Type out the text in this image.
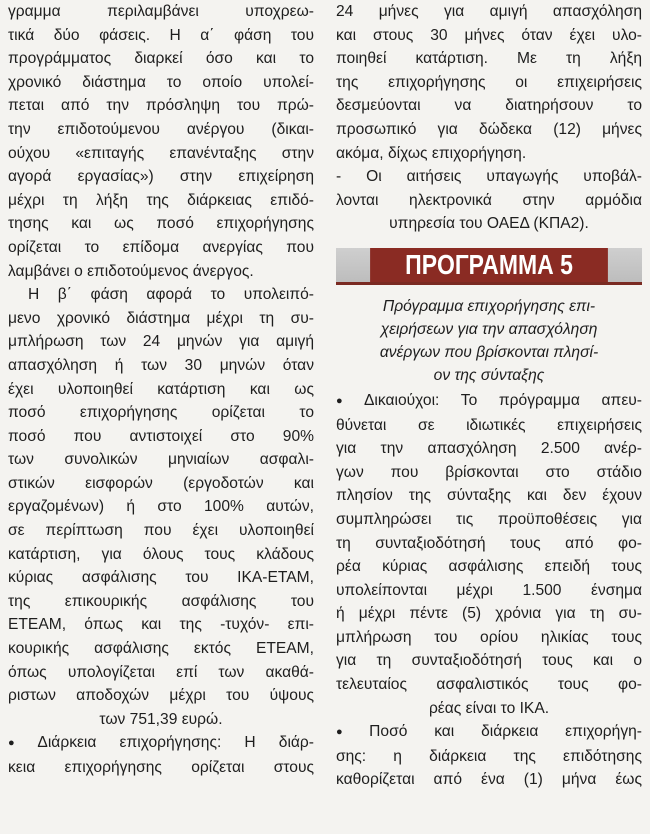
γραμμα περιλαμβάνει υποχρεω-
τικά δύο φάσεις. Η α΄ φάση του
προγράμματος διαρκεί όσο και το
χρονικό διάστημα το οποίο υπολεί-
πεται από την πρόσληψη του πρώ-
την επιδοτούμενου ανέργου (δικαι-
ούχου «επιταγής επανένταξης στην
αγορά εργασίας») στην επιχείρηση
μέχρι τη λήξη της διάρκειας επιδό-
τησης και ως ποσό επιχορήγησης
ορίζεται το επίδομα ανεργίας που
λαμβάνει ο επιδοτούμενος άνεργος.
Η β΄ φάση αφορά το υπολειπό-
μενο χρονικό διάστημα μέχρι τη συ-
μπλήρωση των 24 μηνών για αμιγή
απασχόληση ή των 30 μηνών όταν
έχει υλοποιηθεί κατάρτιση και ως
ποσό επιχορήγησης ορίζεται το
ποσό που αντιστοιχεί στο 90%
των συνολικών μηνιαίων ασφαλι-
στικών εισφορών (εργοδοτών και
εργαζομένων) ή στο 100% αυτών,
σε περίπτωση που έχει υλοποιηθεί
κατάρτιση, για όλους τους κλάδους
κύριας ασφάλισης του ΙΚΑ-ΕΤΑΜ,
της επικουρικής ασφάλισης του
ΕΤΕΑΜ, όπως και της -τυχόν- επι-
κουρικής ασφάλισης εκτός ΕΤΕΑΜ,
όπως υπολογίζεται επί των ακαθά-
ριστων αποδοχών μέχρι του ύψους
των 751,39 ευρώ.
● Διάρκεια επιχορήγησης: Η διάρ-
κεια επιχορήγησης ορίζεται στους
24 μήνες για αμιγή απασχόληση
και στους 30 μήνες όταν έχει υλο-
ποιηθεί κατάρτιση. Με τη λήξη
της επιχορήγησης οι επιχειρήσεις
δεσμεύονται να διατηρήσουν το
προσωπικό για δώδεκα (12) μήνες
ακόμα, δίχως επιχορήγηση.
- Οι αιτήσεις υπαγωγής υποβάλ-
λονται ηλεκτρονικά στην αρμόδια
υπηρεσία του ΟΑΕΔ (ΚΠΑ2).
ΠΡΟΓΡΑΜΜΑ 5
Πρόγραμμα επιχορήγησης επι-
χειρήσεων για την απασχόληση
ανέργων που βρίσκονται πλησί-
ον της σύνταξης
● Δικαιούχοι: Το πρόγραμμα απευ-
θύνεται σε ιδιωτικές επιχειρήσεις
για την απασχόληση 2.500 ανέρ-
γων που βρίσκονται στο στάδιο
πλησίον της σύνταξης και δεν έχουν
συμπληρώσει τις προϋποθέσεις για
τη συνταξιοδότησή τους από φο-
ρέα κύριας ασφάλισης επειδή τους
υπολείπονται μέχρι 1.500 ένσημα
ή μέχρι πέντε (5) χρόνια για τη συ-
μπλήρωση του ορίου ηλικίας τους
για τη συνταξιοδότησή τους και ο
τελευταίος ασφαλιστικός τους φο-
ρέας είναι το ΙΚΑ.
● Ποσό και διάρκεια επιχορήγη-
σης: η διάρκεια της επιδότησης
καθορίζεται από ένα (1) μήνα έως
